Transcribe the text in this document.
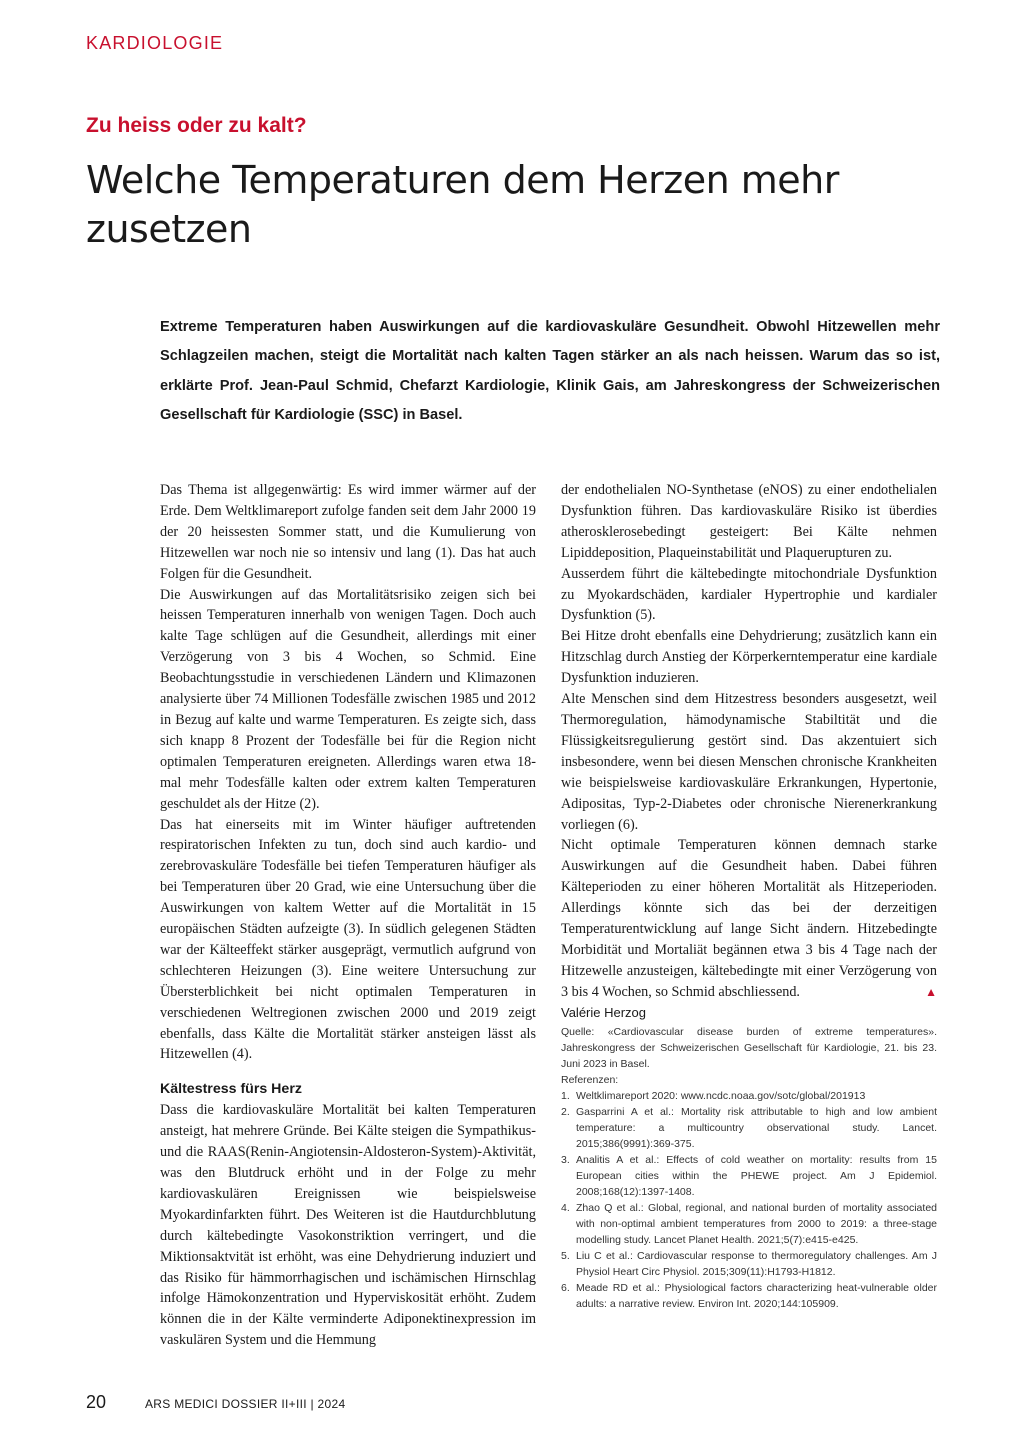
KARDIOLOGIE
Zu heiss oder zu kalt?
Welche Temperaturen dem Herzen mehr zusetzen

Extreme Temperaturen haben Auswirkungen auf die kardiovaskuläre Gesundheit. Obwohl Hitzewellen mehr Schlagzeilen machen, steigt die Mortalität nach kalten Tagen stärker an als nach heissen. Warum das so ist, erklärte Prof. Jean-Paul Schmid, Chefarzt Kardiologie, Klinik Gais, am Jahreskongress der Schweizerischen Gesellschaft für Kardiologie (SSC) in Basel.

Das Thema ist allgegenwärtig: Es wird immer wärmer auf der Erde. Dem Weltklimareport zufolge fanden seit dem Jahr 2000 19 der 20 heissesten Sommer statt, und die Kumulierung von Hitzewellen war noch nie so intensiv und lang (1). Das hat auch Folgen für die Gesundheit.

Die Auswirkungen auf das Mortalitätsrisiko zeigen sich bei heissen Temperaturen innerhalb von wenigen Tagen. Doch auch kalte Tage schlügen auf die Gesundheit, allerdings mit einer Verzögerung von 3 bis 4 Wochen, so Schmid. Eine Beobachtungsstudie in verschiedenen Ländern und Klimazonen analysierte über 74 Millionen Todesfälle zwischen 1985 und 2012 in Bezug auf kalte und warme Temperaturen. Es zeigte sich, dass sich knapp 8 Prozent der Todesfälle bei für die Region nicht optimalen Temperaturen ereigneten. Allerdings waren etwa 18-mal mehr Todesfälle kalten oder extrem kalten Temperaturen geschuldet als der Hitze (2).

Das hat einerseits mit im Winter häufiger auftretenden respiratorischen Infekten zu tun, doch sind auch kardio- und zerebrovaskuläre Todesfälle bei tiefen Temperaturen häufiger als bei Temperaturen über 20 Grad, wie eine Untersuchung über die Auswirkungen von kaltem Wetter auf die Mortalität in 15 europäischen Städten aufzeigte (3). In südlich gelegenen Städten war der Kälteeffekt stärker ausgeprägt, vermutlich aufgrund von schlechteren Heizungen (3). Eine weitere Untersuchung zur Übersterblichkeit bei nicht optimalen Temperaturen in verschiedenen Weltregionen zwischen 2000 und 2019 zeigt ebenfalls, dass Kälte die Mortalität stärker ansteigen lässt als Hitzewellen (4).

Kältestress fürs Herz

Dass die kardiovaskuläre Mortalität bei kalten Temperaturen ansteigt, hat mehrere Gründe. Bei Kälte steigen die Sympathikus- und die RAAS(Renin-Angiotensin-Aldosteron-System)-Aktivität, was den Blutdruck erhöht und in der Folge zu mehr kardiovaskulären Ereignissen wie beispielsweise Myokardinfarkten führt. Des Weiteren ist die Hautdurchblutung durch kältebedingte Vasokonstriktion verringert, und die Miktionsaktvität ist erhöht, was eine Dehydrierung induziert und das Risiko für hämmorrhagischen und ischämischen Hirnschlag infolge Hämokonzentration und Hyperviskosität erhöht. Zudem können die in der Kälte verminderte Adiponektinexpression im vaskulären System und die Hemmung

der endothelialen NO-Synthetase (eNOS) zu einer endothelialen Dysfunktion führen. Das kardiovaskuläre Risiko ist überdies atherosklerosebedingt gesteigert: Bei Kälte nehmen Lipiddeposition, Plaqueinstabilität und Plaquerupturen zu.

Ausserdem führt die kältebedingte mitochondriale Dysfunktion zu Myokardschäden, kardialer Hypertrophie und kardialer Dysfunktion (5).

Bei Hitze droht ebenfalls eine Dehydrierung; zusätzlich kann ein Hitzschlag durch Anstieg der Körperkerntemperatur eine kardiale Dysfunktion induzieren.

Alte Menschen sind dem Hitzestress besonders ausgesetzt, weil Thermoregulation, hämodynamische Stabiltität und die Flüssigkeitsregulierung gestört sind. Das akzentuiert sich insbesondere, wenn bei diesen Menschen chronische Krankheiten wie beispielsweise kardiovaskuläre Erkrankungen, Hypertonie, Adipositas, Typ-2-Diabetes oder chronische Nierenerkrankung vorliegen (6).

Nicht optimale Temperaturen können demnach starke Auswirkungen auf die Gesundheit haben. Dabei führen Kälteperioden zu einer höheren Mortalität als Hitzeperioden. Allerdings könnte sich das bei der derzeitigen Temperaturentwicklung auf lange Sicht ändern. Hitzebedingte Morbidität und Mortaliät begännen etwa 3 bis 4 Tage nach der Hitzewelle anzusteigen, kältebedingte mit einer Verzögerung von 3 bis 4 Wochen, so Schmid abschliessend.	▲

Valérie Herzog

Quelle: «Cardiovascular disease burden of extreme temperatures». Jahreskongress der Schweizerischen Gesellschaft für Kardiologie, 21. bis 23. Juni 2023 in Basel.

Referenzen:

1. Weltklimareport 2020: www.ncdc.noaa.gov/sotc/global/201913
2. Gasparrini A et al.: Mortality risk attributable to high and low ambient temperature: a multicountry observational study. Lancet. 2015;386(9991):369-375.
3. Analitis A et al.: Effects of cold weather on mortality: results from 15 European cities within the PHEWE project. Am J Epidemiol. 2008;168(12):1397-1408.
4. Zhao Q et al.: Global, regional, and national burden of mortality associated with non-optimal ambient temperatures from 2000 to 2019: a three-stage modelling study. Lancet Planet Health. 2021;5(7):e415-e425.
5. Liu C et al.: Cardiovascular response to thermoregulatory challenges. Am J Physiol Heart Circ Physiol. 2015;309(11):H1793-H1812.
6. Meade RD et al.: Physiological factors characterizing heat-vulnerable older adults: a narrative review. Environ Int. 2020;144:105909.
20	ARS MEDICI DOSSIER II+III | 2024
